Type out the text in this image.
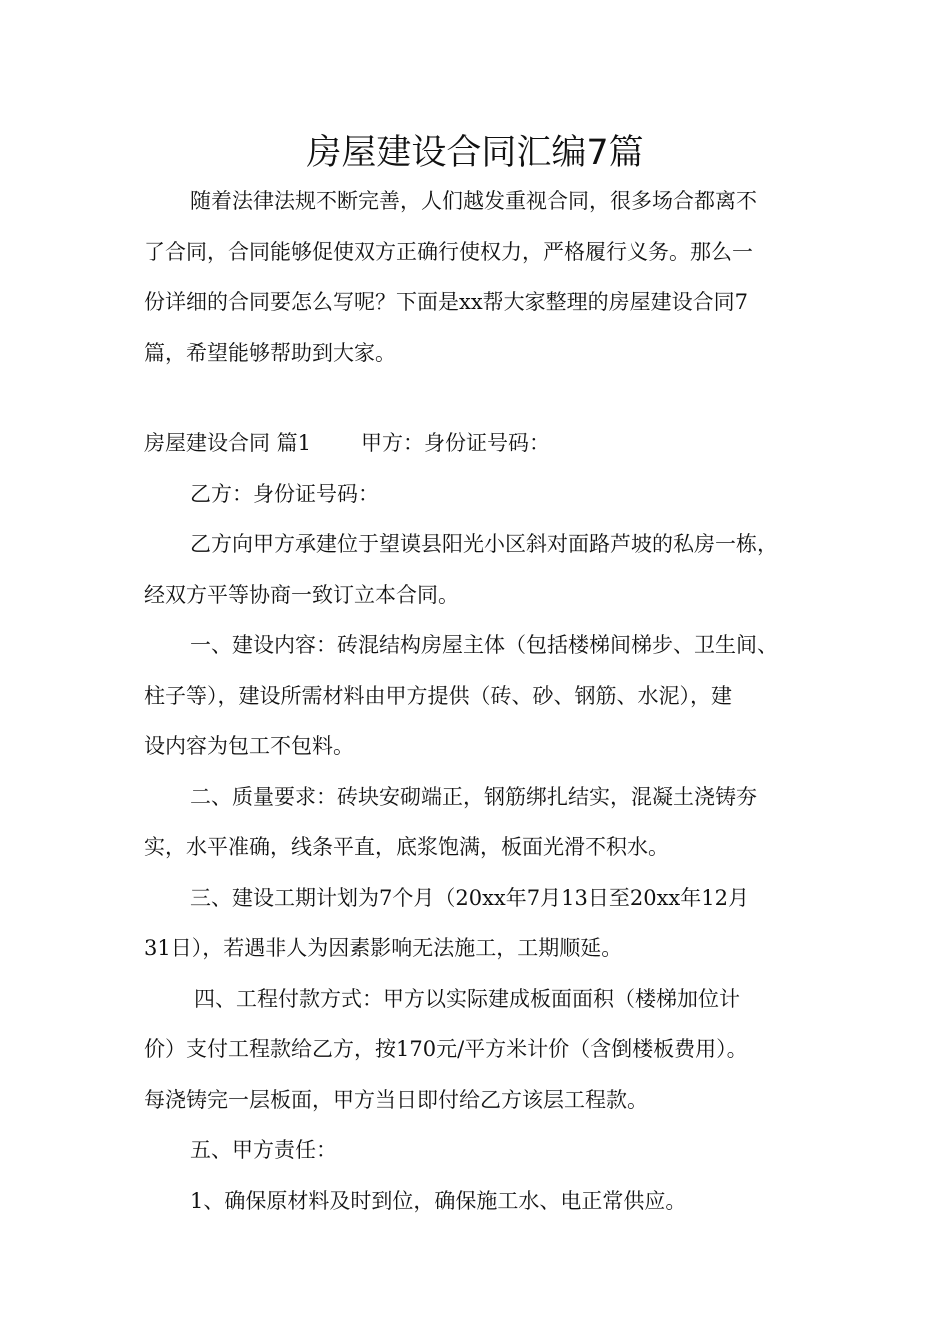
房屋建设合同汇编7篇
随着法律法规不断完善，人们越发重视合同，很多场合都离不
了合同，合同能够促使双方正确行使权力，严格履行义务。那么一
份详细的合同要怎么写呢？下面是xx帮大家整理的房屋建设合同7
篇，希望能够帮助到大家。
房屋建设合同 篇1 甲方：身份证号码：
乙方：身份证号码：
乙方向甲方承建位于望谟县阳光小区斜对面路芦坡的私房一栋，
经双方平等协商一致订立本合同。
一、建设内容：砖混结构房屋主体（包括楼梯间梯步、卫生间、
柱子等），建设所需材料由甲方提供（砖、砂、钢筋、水泥），建
设内容为包工不包料。
二、质量要求：砖块安砌端正，钢筋绑扎结实，混凝土浇铸夯
实，水平准确，线条平直，底浆饱满，板面光滑不积水。
三、建设工期计划为7个月（20xx年7月13日至20xx年12月
31日），若遇非人为因素影响无法施工，工期顺延。
四、工程付款方式：甲方以实际建成板面面积（楼梯加位计
价）支付工程款给乙方，按170元/平方米计价（含倒楼板费用）。
每浇铸完一层板面，甲方当日即付给乙方该层工程款。
五、甲方责任：
1、确保原材料及时到位，确保施工水、电正常供应。
